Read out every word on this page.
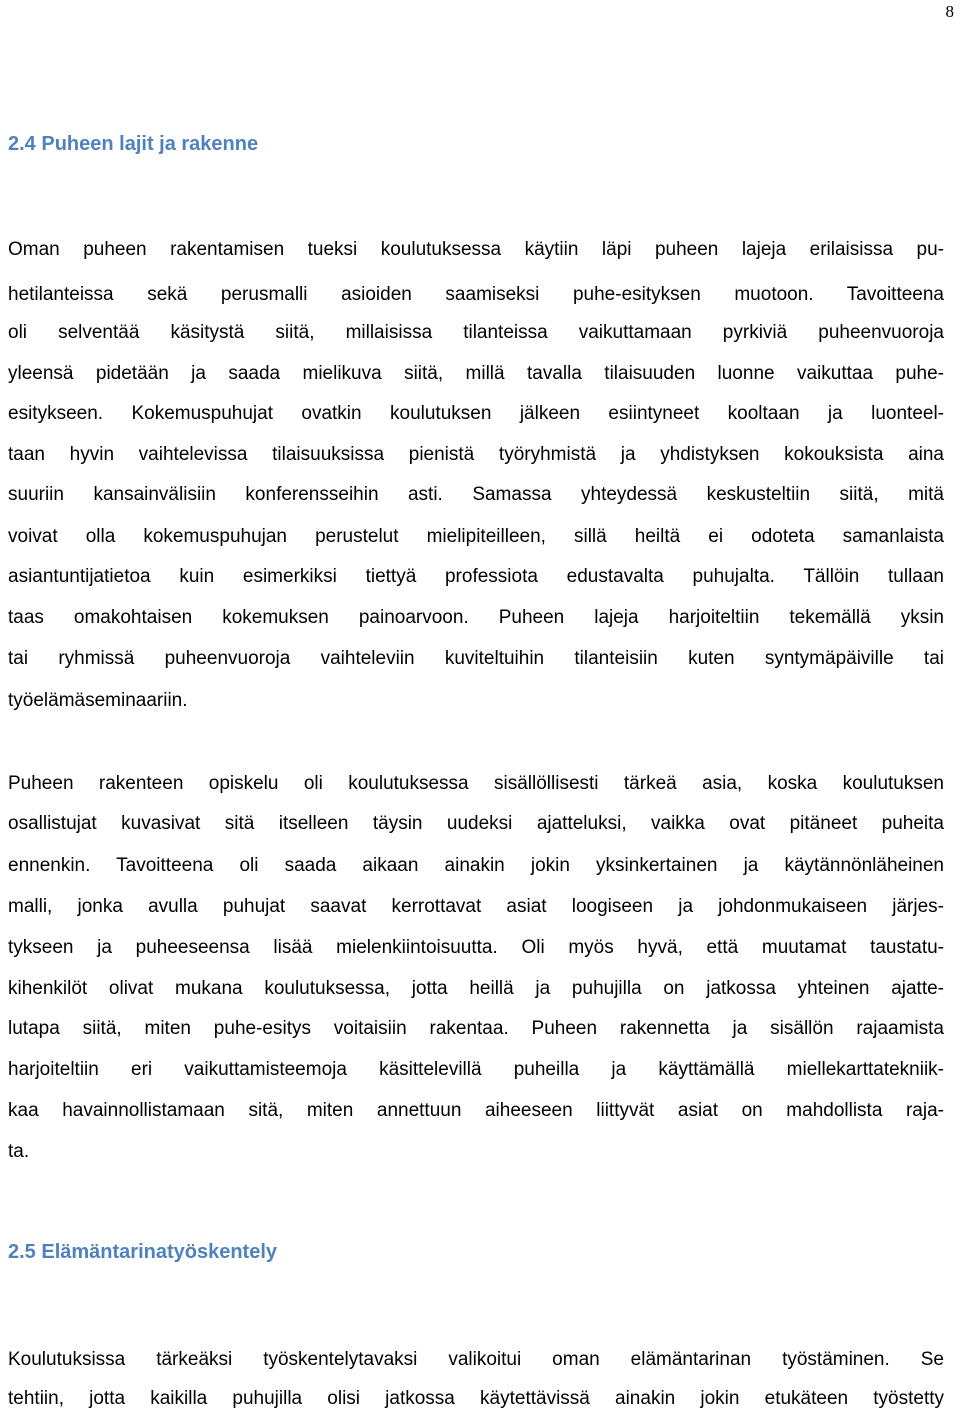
8
2.4 Puheen lajit ja rakenne
Oman puheen rakentamisen tueksi koulutuksessa käytiin läpi puheen lajeja erilaisissa pu-
hetilanteissa sekä perusmalli asioiden saamiseksi puhe-esityksen muotoon. Tavoitteena
oli selventää käsitystä siitä, millaisissa tilanteissa vaikuttamaan pyrkiviä puheenvuoroja
yleensä pidetään ja saada mielikuva siitä, millä tavalla tilaisuuden luonne vaikuttaa puhe-
esitykseen. Kokemuspuhujat ovatkin koulutuksen jälkeen esiintyneet kooltaan ja luonteel-
taan hyvin vaihtelevissa tilaisuuksissa pienistä työryhmistä ja yhdistyksen kokouksista aina
suuriin kansainvälisiin konferensseihin asti. Samassa yhteydessä keskusteltiin siitä, mitä
voivat olla kokemuspuhujan perustelut mielipiteilleen, sillä heiltä ei odoteta samanlaista
asiantuntijatietoa kuin esimerkiksi tiettyä professiota edustavalta puhujalta. Tällöin tullaan
taas omakohtaisen kokemuksen painoarvoon. Puheen lajeja harjoiteltiin tekemällä yksin
tai ryhmissä puheenvuoroja vaihteleviin kuviteltuihin tilanteisiin kuten syntymäpäiville tai
työelämäseminaariin.
Puheen rakenteen opiskelu oli koulutuksessa sisällöllisesti tärkeä asia, koska koulutuksen
osallistujat kuvasivat sitä itselleen täysin uudeksi ajatteluksi, vaikka ovat pitäneet puheita
ennenkin. Tavoitteena oli saada aikaan ainakin jokin yksinkertainen ja käytännönläheinen
malli, jonka avulla puhujat saavat kerrottavat asiat loogiseen ja johdonmukaiseen järjes-
tykseen ja puheeseensa lisää mielenkiintoisuutta. Oli myös hyvä, että muutamat taustatu-
kihenkilöt olivat mukana koulutuksessa, jotta heillä ja puhujilla on jatkossa yhteinen ajatte-
lutapa siitä, miten puhe-esitys voitaisiin rakentaa. Puheen rakennetta ja sisällön rajaamista
harjoiteltiin eri vaikuttamisteemoja käsittelevillä puheilla ja käyttämällä miellekarttatekniik-
kaa havainnollistamaan sitä, miten annettuun aiheeseen liittyvät asiat on mahdollista raja-
ta.
2.5 Elämäntarinatyöskentely
Koulutuksissa tärkeäksi työskentelytavaksi valikoitui oman elämäntarinan työstäminen. Se
tehtiin, jotta kaikilla puhujilla olisi jatkossa käytettävissä ainakin jokin etukäteen työstetty
